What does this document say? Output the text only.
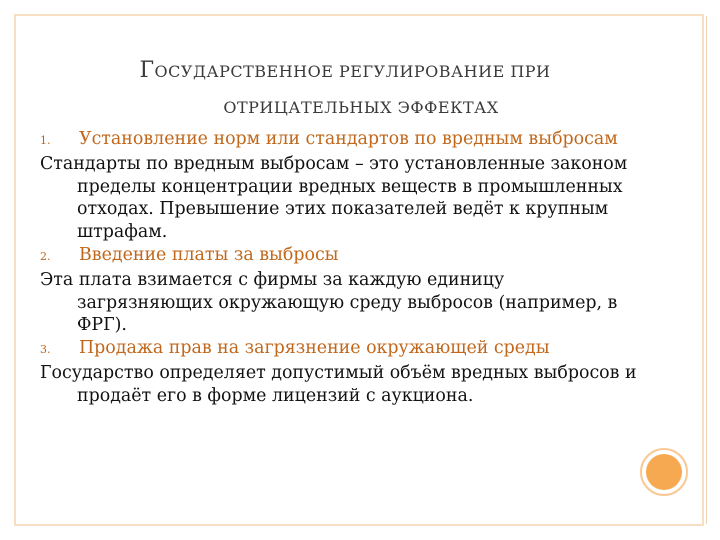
ГОСУДАРСТВЕННОЕ РЕГУЛИРОВАНИЕ ПРИ
ОТРИЦАТЕЛЬНЫХ ЭФФЕКТАХ

1. Установление норм или стандартов по вредным выбросам

Стандарты по вредным выбросам – это установленные законом пределы концентрации вредных веществ в промышленных отходах. Превышение этих показателей ведёт к крупным штрафам.

2. Введение платы за выбросы

Эта плата взимается с фирмы за каждую единицу загрязняющих окружающую среду выбросов (например, в ФРГ).

3. Продажа прав на загрязнение окружающей среды

Государство определяет допустимый объём вредных выбросов и продаёт его в форме лицензий с аукциона.
